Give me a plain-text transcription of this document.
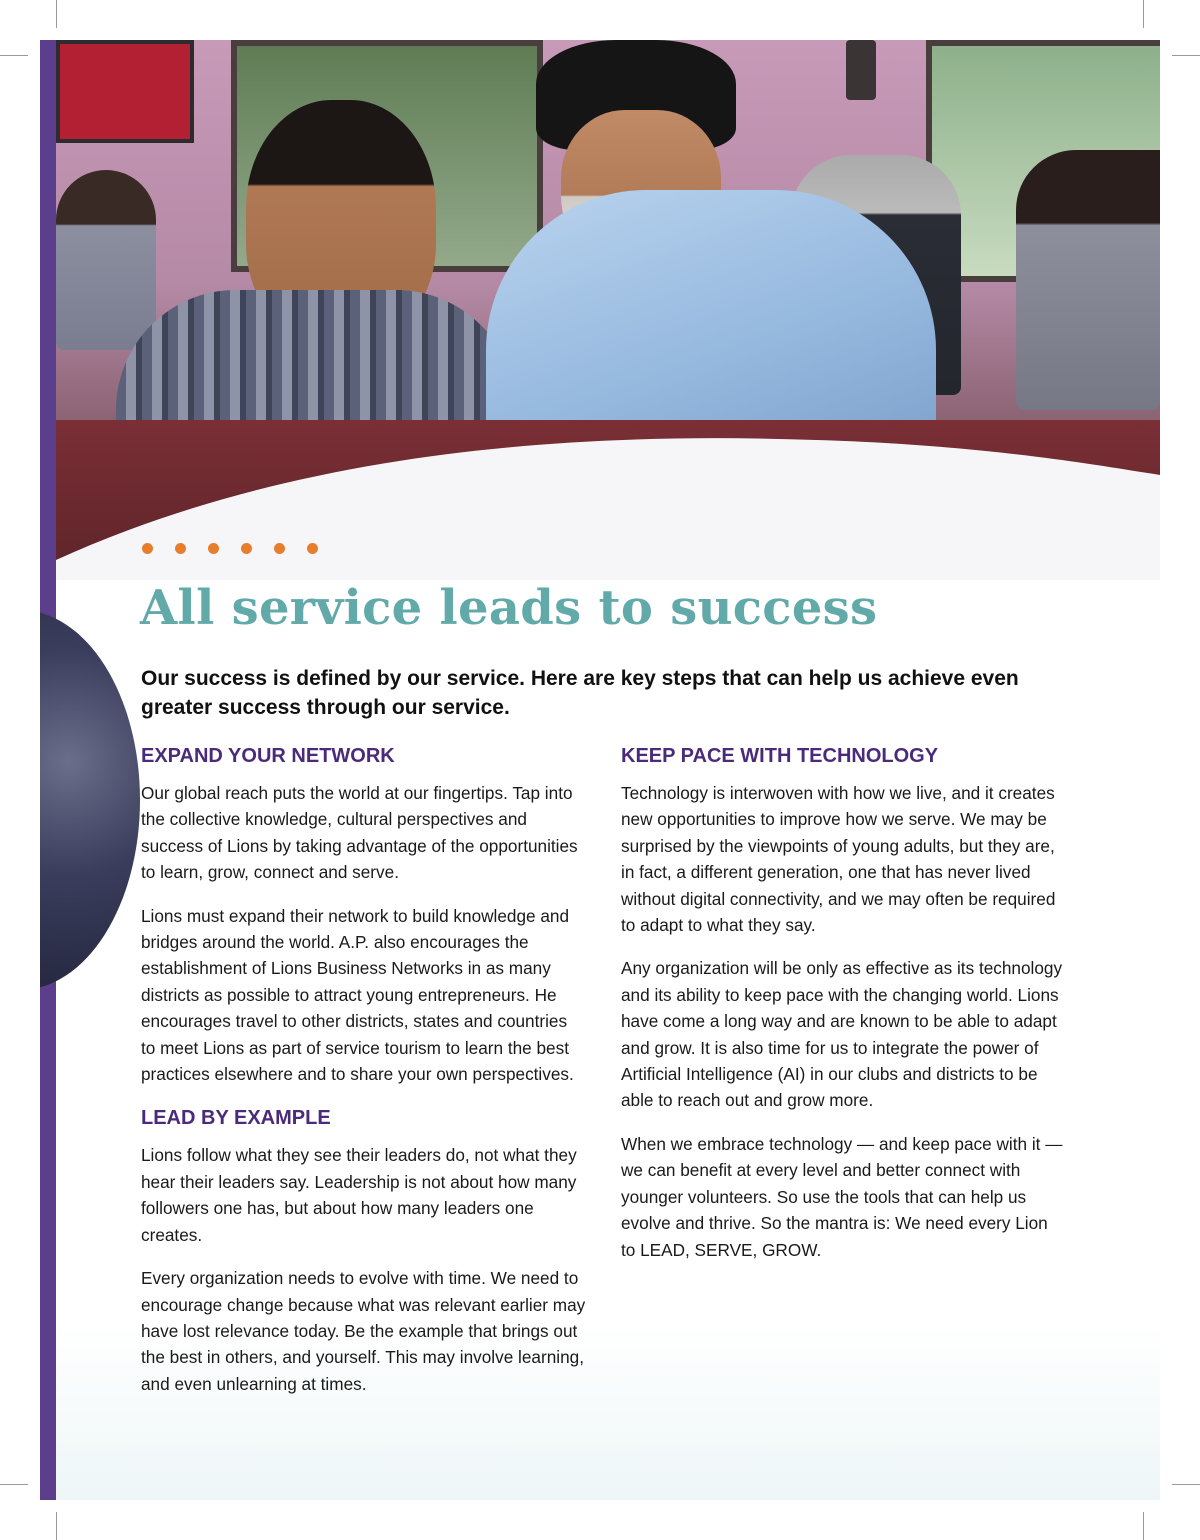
All service leads to success
Our success is defined by our service. Here are key steps that can help us achieve even greater success through our service.
EXPAND YOUR NETWORK

Our global reach puts the world at our fingertips. Tap into the collective knowledge, cultural perspectives and success of Lions by taking advantage of the opportunities to learn, grow, connect and serve.

Lions must expand their network to build knowledge and bridges around the world. A.P. also encourages the establishment of Lions Business Networks in as many districts as possible to attract young entrepreneurs. He encourages travel to other districts, states and countries to meet Lions as part of service tourism to learn the best practices elsewhere and to share your own perspectives.

LEAD BY EXAMPLE

Lions follow what they see their leaders do, not what they hear their leaders say. Leadership is not about how many followers one has, but about how many leaders one creates.

Every organization needs to evolve with time. We need to encourage change because what was relevant earlier may have lost relevance today. Be the example that brings out the best in others, and yourself. This may involve learning, and even unlearning at times.

KEEP PACE WITH TECHNOLOGY

Technology is interwoven with how we live, and it creates new opportunities to improve how we serve. We may be surprised by the viewpoints of young adults, but they are, in fact, a different generation, one that has never lived without digital connectivity, and we may often be required to adapt to what they say.

Any organization will be only as effective as its technology and its ability to keep pace with the changing world. Lions have come a long way and are known to be able to adapt and grow. It is also time for us to integrate the power of Artificial Intelligence (AI) in our clubs and districts to be able to reach out and grow more.

When we embrace technology — and keep pace with it — we can benefit at every level and better connect with younger volunteers. So use the tools that can help us evolve and thrive. So the mantra is: We need every Lion to LEAD, SERVE, GROW.
